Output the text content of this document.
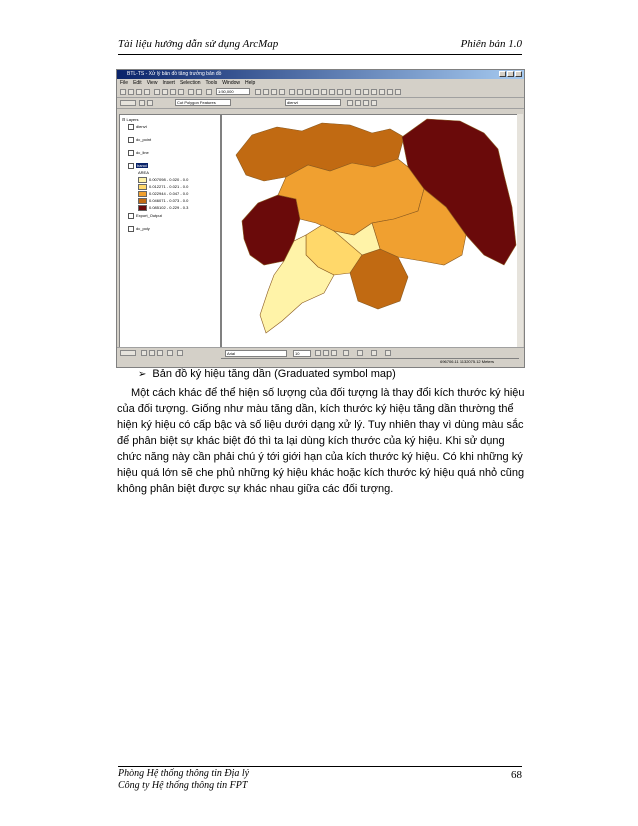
Tài liệu hướng dẫn sử dụng ArcMap	Phiên bản 1.0
BTL-TS - Xử lý bản đồ tăng trưởng bản đồ
File Edit View Insert Selection Tools Window Help
1:50,000
Cut Polygon Features	dienvt
⊟ Layers
dienvt
dc_point
dc_line
hanoi
AREA
0.007098 - 0.020 - 0.0
0.012271 - 0.021 - 0.0
0.022944 - 0.047 - 0.0
0.046071 - 0.073 - 0.0
0.085102 - 0.229 - 0.3
Export_Output
dc_poly
Arial	10
696706.11 1132075.12 Meters
➢ Bản đồ ký hiệu tăng dần (Graduated symbol map)
Một cách khác để thể hiện số lượng của đối tượng là thay đổi kích thước ký hiệu của đối tượng. Giống như màu tăng dần, kích thước ký hiệu tăng dần thường thể hiện ký hiệu có cấp bậc và số liệu dưới dạng xử lý. Tuy nhiên thay vì dùng màu sắc để phân biệt sự khác biệt đó thì ta lại dùng kích thước của ký hiệu. Khi sử dụng chức năng này cần phải chú ý tới giới hạn của kích thước ký hiệu. Có khi những ký hiệu quá lớn sẽ che phủ những ký hiệu khác hoặc kích thước ký hiệu quá nhỏ cũng không phân biệt được sự khác nhau giữa các đối tượng.
Phòng Hệ thống thông tin Địa lý
Công ty Hệ thống thông tin FPT
68
